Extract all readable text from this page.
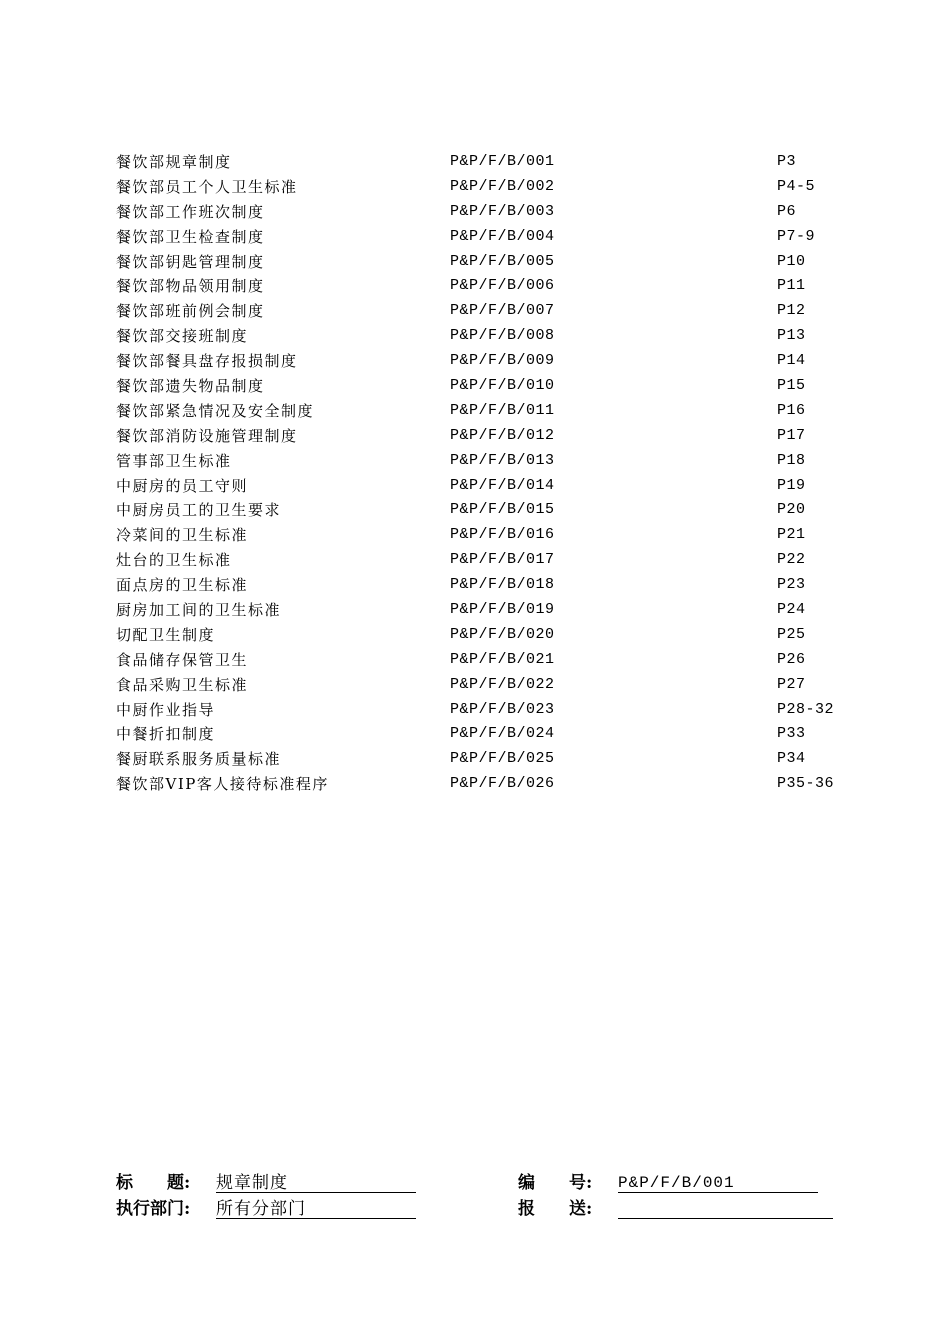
餐饮部规章制度	P&P/F/B/001	P3
餐饮部员工个人卫生标准	P&P/F/B/002	P4-5
餐饮部工作班次制度	P&P/F/B/003	P6
餐饮部卫生检查制度	P&P/F/B/004	P7-9
餐饮部钥匙管理制度	P&P/F/B/005	P10
餐饮部物品领用制度	P&P/F/B/006	P11
餐饮部班前例会制度	P&P/F/B/007	P12
餐饮部交接班制度	P&P/F/B/008	P13
餐饮部餐具盘存报损制度	P&P/F/B/009	P14
餐饮部遗失物品制度	P&P/F/B/010	P15
餐饮部紧急情况及安全制度	P&P/F/B/011	P16
餐饮部消防设施管理制度	P&P/F/B/012	P17
管事部卫生标准	P&P/F/B/013	P18
中厨房的员工守则	P&P/F/B/014	P19
中厨房员工的卫生要求	P&P/F/B/015	P20
冷菜间的卫生标准	P&P/F/B/016	P21
灶台的卫生标准	P&P/F/B/017	P22
面点房的卫生标准	P&P/F/B/018	P23
厨房加工间的卫生标准	P&P/F/B/019	P24
切配卫生制度	P&P/F/B/020	P25
食品储存保管卫生	P&P/F/B/021	P26
食品采购卫生标准	P&P/F/B/022	P27
中厨作业指导	P&P/F/B/023	P28-32
中餐折扣制度	P&P/F/B/024	P33
餐厨联系服务质量标准	P&P/F/B/025	P34
餐饮部VIP客人接待标准程序	P&P/F/B/026	P35-36
标　　题: 规章制度	编　　号: P&P/F/B/001
执行部门: 所有分部门	报　　送:
